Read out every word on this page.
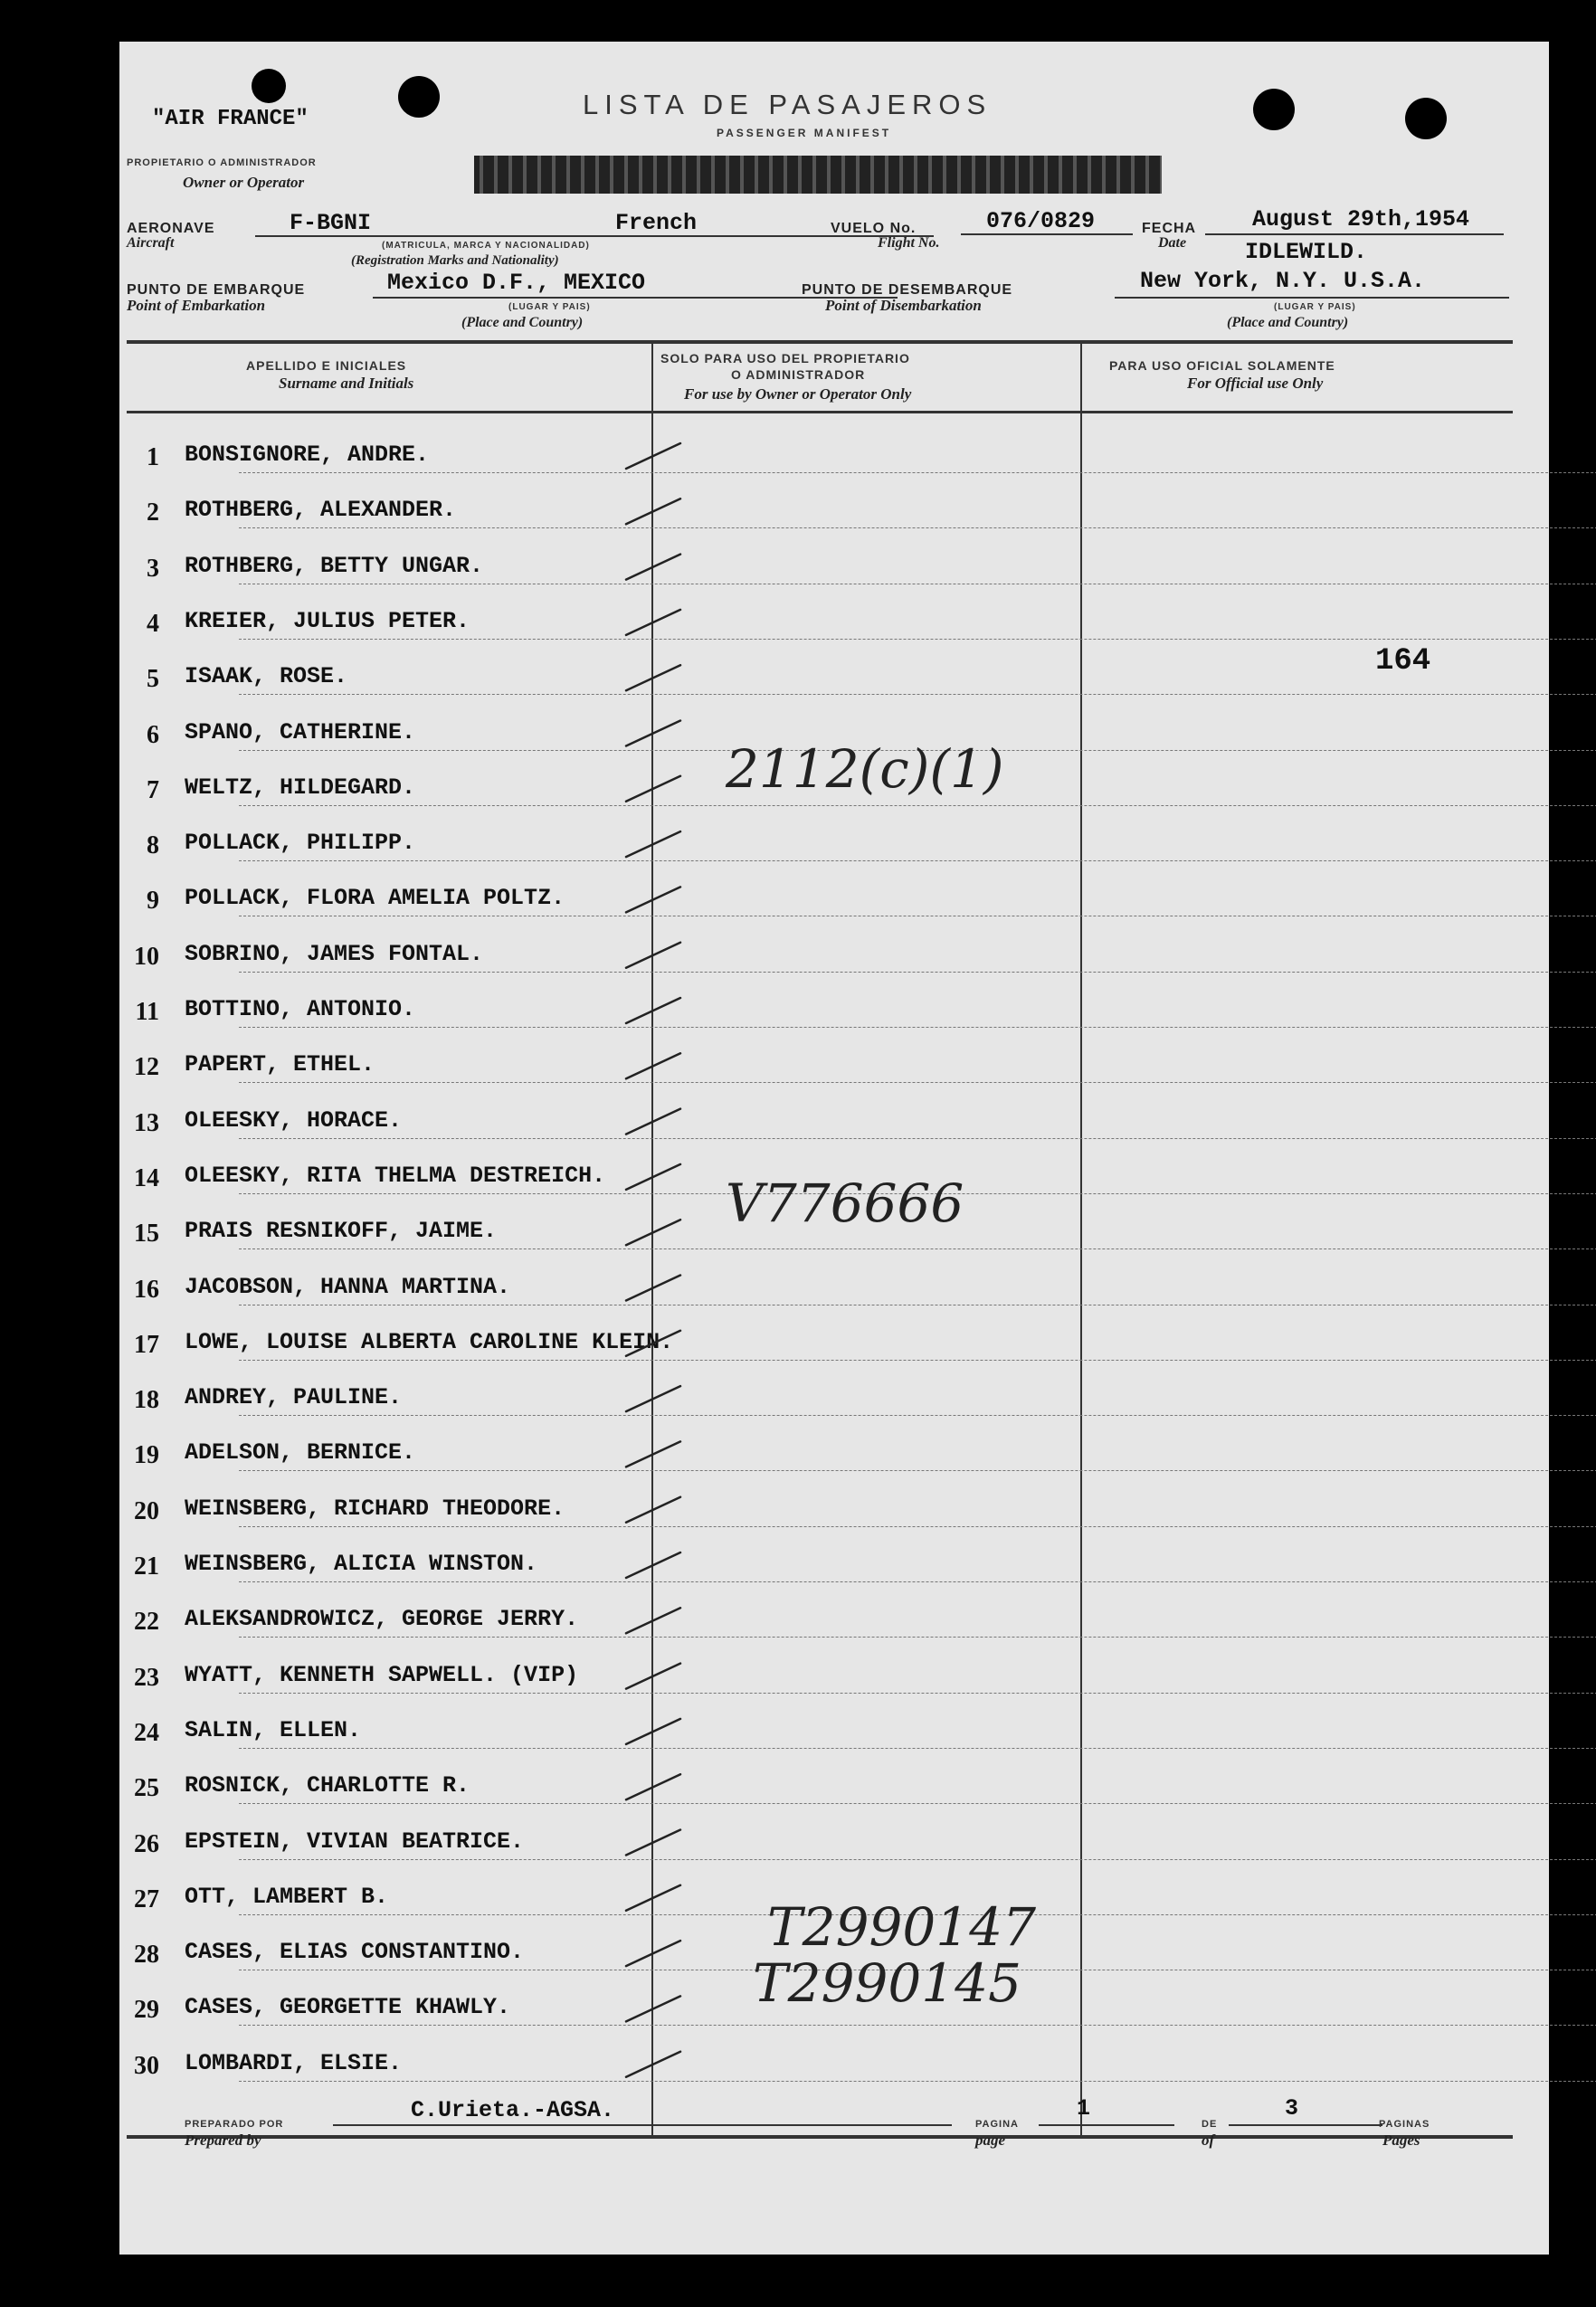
"AIR FRANCE"	LISTA DE PASAJEROS
PASSENGER MANIFEST
PROPIETARIO O ADMINISTRADOR
Owner or Operator
AERONAVE
Aircraft
F-BGNI	French
(MATRICULA, MARCA Y NACIONALIDAD)
(Registration Marks and Nationality)
VUELO No.
Flight No.
076/0829	FECHA
Date
August 29th,1954
PUNTO DE EMBARQUE
Point of Embarkation
Mexico D.F., MEXICO
(LUGAR Y PAIS)
(Place and Country)
PUNTO DE DESEMBARQUE
Point of Disembarkation
IDLEWILD.
New York, N.Y. U.S.A.
(LUGAR Y PAIS)
(Place and Country)
APELLIDO E INICIALES
Surname and Initials
SOLO PARA USO DEL PROPIETARIO
O ADMINISTRADOR
For use by Owner or Operator Only
PARA USO OFICIAL SOLAMENTE
For Official use Only
1 BONSIGNORE, ANDRE.
2 ROTHBERG, ALEXANDER.
3 ROTHBERG, BETTY UNGAR.
4 KREIER, JULIUS PETER.
5 ISAAK, ROSE.
6 SPANO, CATHERINE.
7 WELTZ, HILDEGARD.
8 POLLACK, PHILIPP.
9 POLLACK, FLORA AMELIA POLTZ.
10 SOBRINO, JAMES FONTAL.
11 BOTTINO, ANTONIO.
12 PAPERT, ETHEL.
13 OLEESKY, HORACE.
14 OLEESKY, RITA THELMA DESTREICH.
15 PRAIS RESNIKOFF, JAIME.
16 JACOBSON, HANNA MARTINA.
17 LOWE, LOUISE ALBERTA CAROLINE KLEIN.
18 ANDREY, PAULINE.
19 ADELSON, BERNICE.
20 WEINSBERG, RICHARD THEODORE.
21 WEINSBERG, ALICIA WINSTON.
22 ALEKSANDROWICZ, GEORGE JERRY.
23 WYATT, KENNETH SAPWELL. (VIP)
24 SALIN, ELLEN.
25 ROSNICK, CHARLOTTE R.
26 EPSTEIN, VIVIAN BEATRICE.
27 OTT, LAMBERT B.
28 CASES, ELIAS CONSTANTINO.
29 CASES, GEORGETTE KHAWLY.
30 LOMBARDI, ELSIE.
2112(c)(1)
V776666
T2990147
T2990145
164
PREPARADO POR
Prepared by
C.Urieta.-AGSA.
PAGINA
page
1
DE
of
3
PAGINAS
Pages
